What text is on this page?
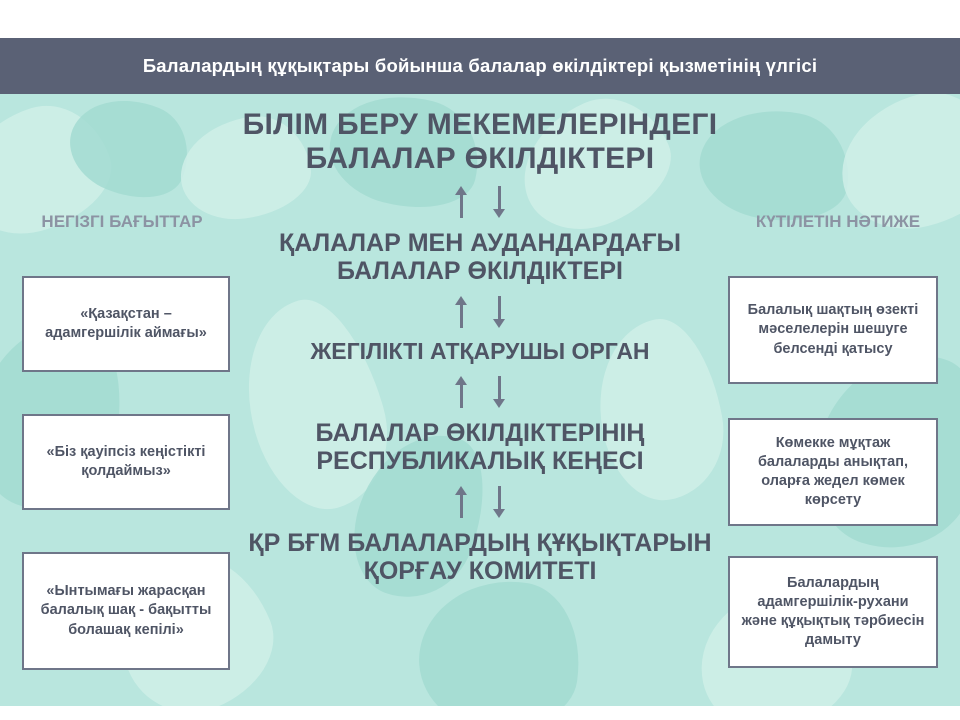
Балалардың құқықтары бойынша балалар өкілдіктері қызметінің үлгісі
НЕГІЗГІ БАҒЫТТАР
«Қазақстан – адамгершілік аймағы»
«Біз қауіпсіз кеңістікті қолдаймыз»
«Ынтымағы жарасқан балалық шақ - бақытты болашақ кепілі»
КҮТІЛЕТІН НӘТИЖЕ
Балалық шақтың өзекті мәселелерін шешуге белсенді қатысу
Көмекке мұқтаж балаларды анықтап, оларға жедел көмек көрсету
Балалардың адамгершілік-рухани және құқықтық тәрбиесін дамыту
БІЛІМ БЕРУ МЕКЕМЕЛЕРІНДЕГІ БАЛАЛАР ӨКІЛДІКТЕРІ
ҚАЛАЛАР МЕН АУДАНДАРДАҒЫ БАЛАЛАР ӨКІЛДІКТЕРІ
ЖЕГІЛІКТІ АТҚАРУШЫ ОРГАН
БАЛАЛАР ӨКІЛДІКТЕРІНІҢ РЕСПУБЛИКАЛЫҚ КЕҢЕСІ
ҚР БҒМ БАЛАЛАРДЫҢ ҚҰҚЫҚТАРЫН ҚОРҒАУ КОМИТЕТІ
